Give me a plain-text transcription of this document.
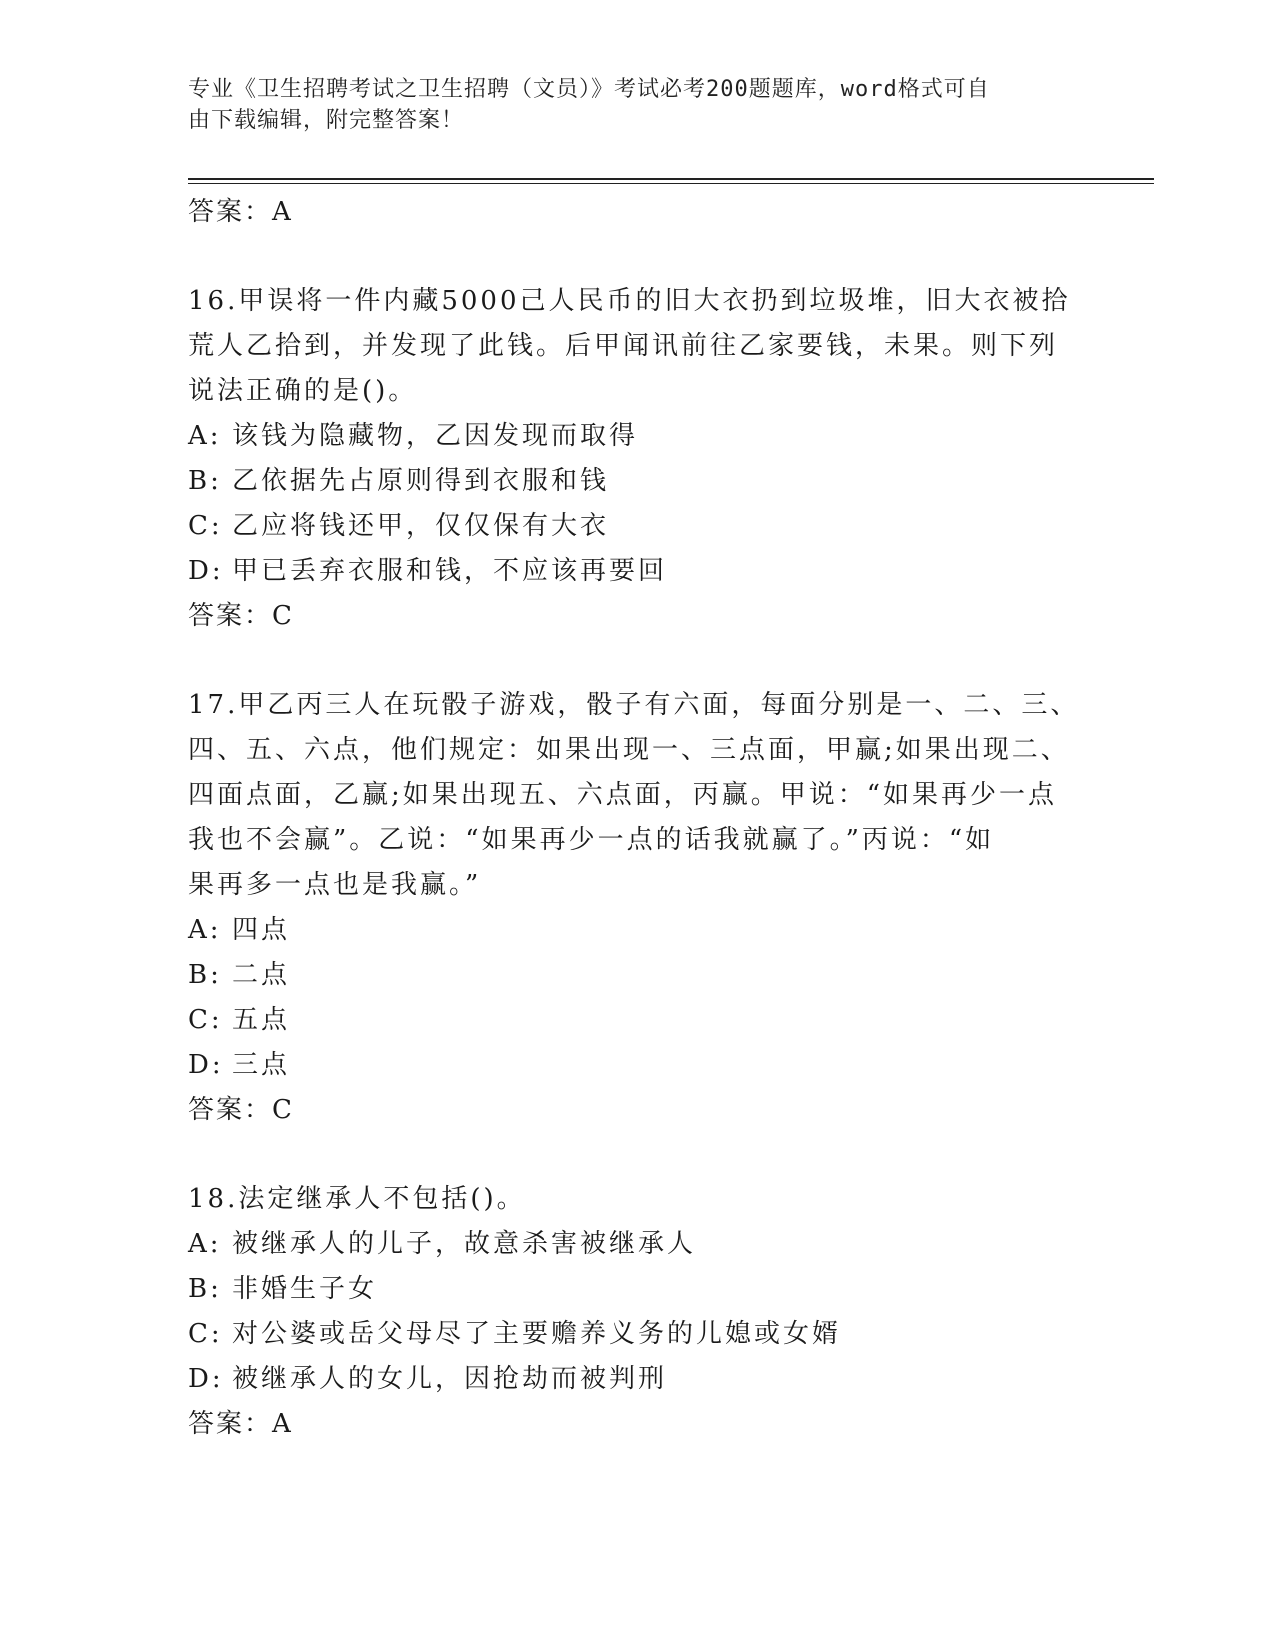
专业《卫生招聘考试之卫生招聘（文员）》考试必考200题题库，word格式可自
由下载编辑，附完整答案！
答案：A
16.甲误将一件内藏5000己人民币的旧大衣扔到垃圾堆，旧大衣被拾
荒人乙拾到，并发现了此钱。后甲闻讯前往乙家要钱，未果。则下列
说法正确的是()。
A: 该钱为隐藏物，乙因发现而取得
B: 乙依据先占原则得到衣服和钱
C: 乙应将钱还甲，仅仅保有大衣
D: 甲已丢弃衣服和钱，不应该再要回
答案：C
17.甲乙丙三人在玩骰子游戏，骰子有六面，每面分别是一、二、三、
四、五、六点，他们规定：如果出现一、三点面，甲赢;如果出现二、
四面点面，乙赢;如果出现五、六点面，丙赢。甲说：“如果再少一点
我也不会赢”。乙说：“如果再少一点的话我就赢了。”丙说：“如
果再多一点也是我赢。”
A: 四点
B: 二点
C: 五点
D: 三点
答案：C
18.法定继承人不包括()。
A: 被继承人的儿子，故意杀害被继承人
B: 非婚生子女
C: 对公婆或岳父母尽了主要赡养义务的儿媳或女婿
D: 被继承人的女儿，因抢劫而被判刑
答案：A
